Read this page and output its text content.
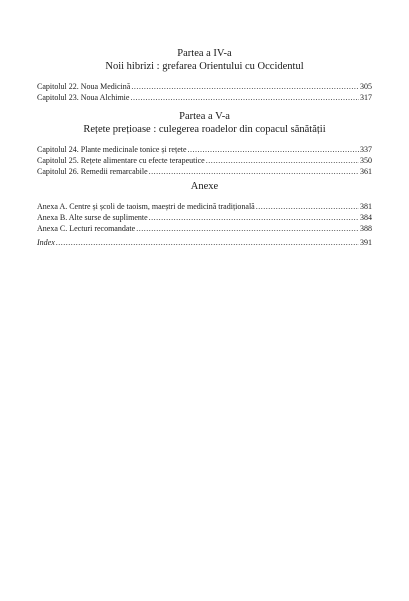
Partea a IV-a
Noii hibrizi : grefarea Orientului cu Occidentul
Capitolul 22. Noua Medicină .....	305
Capitolul 23. Noua Alchimie .....	317
Partea a V-a
Rețete prețioase : culegerea roadelor din copacul sănătății
Capitolul 24. Plante medicinale tonice și rețete .....	337
Capitolul 25. Rețete alimentare cu efecte terapeutice .....	350
Capitolul 26. Remedii remarcabile .....	361
Anexe
Anexa A. Centre și școli de taoism, maeștri de medicină tradițională .....	381
Anexa B. Alte surse de suplimente .....	384
Anexa C. Lecturi recomandate .....	388
Index .....	391
